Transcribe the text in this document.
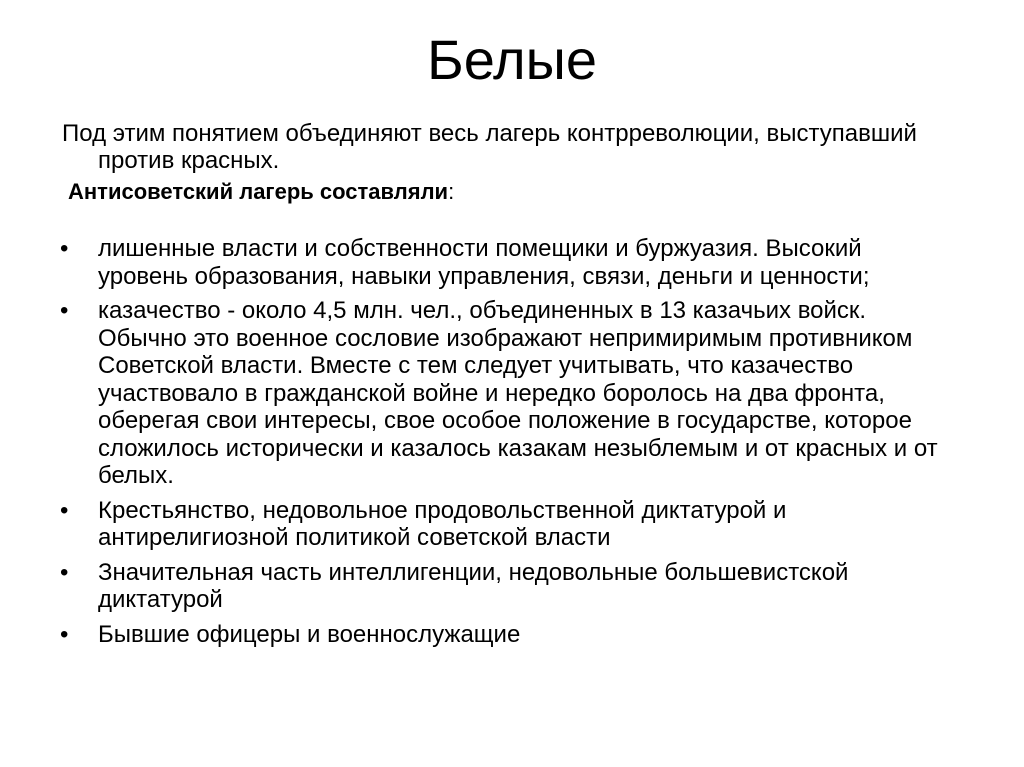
Белые

Под этим понятием объединяют весь лагерь контрреволюции, выступавший против красных.

Антисоветский лагерь составляли:

• лишенные власти и собственности помещики и буржуазия. Высокий уровень образования, навыки управления, связи, деньги и ценности;
• казачество - около 4,5 млн. чел., объединенных в 13 казачьих войск. Обычно это военное сословие изображают непримиримым противником Советской власти. Вместе с тем следует учитывать, что казачество участвовало в гражданской войне и нередко боролось на два фронта, оберегая свои интересы, свое особое положение в государстве, которое сложилось исторически и казалось казакам незыблемым и от красных и от белых.
• Крестьянство, недовольное продовольственной диктатурой и антирелигиозной политикой советской власти
• Значительная часть интеллигенции, недовольные большевистской диктатурой
• Бывшие офицеры и военнослужащие
